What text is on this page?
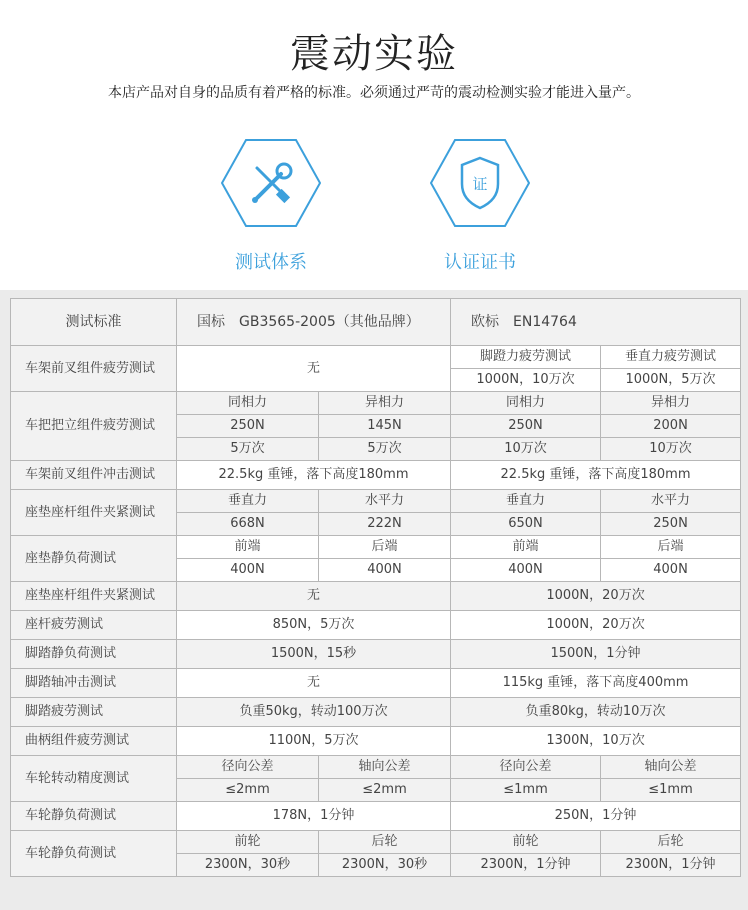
震动实验
本店产品对自身的品质有着严格的标准。必须通过严苛的震动检测实验才能进入量产。
测试体系
证
认证证书
测试标准	国标　GB3565-2005（其他品牌）		欧标　EN14764	
车架前叉组件疲劳测试	无		脚蹬力疲劳测试	垂直力疲劳测试
			1000N，10万次	1000N，5万次
车把把立组件疲劳测试	同相力	异相力	同相力	异相力
	250N	145N	250N	200N
	5万次	5万次	10万次	10万次
车架前叉组件冲击测试	22.5kg 重锤，落下高度180mm		22.5kg 重锤，落下高度180mm	
座垫座杆组件夹紧测试	垂直力	水平力	垂直力	水平力
	668N	222N	650N	250N
座垫静负荷测试	前端	后端	前端	后端
	400N	400N	400N	400N
座垫座杆组件夹紧测试	无		1000N，20万次	
座杆疲劳测试	850N，5万次		1000N，20万次	
脚踏静负荷测试	1500N，15秒		1500N，1分钟	
脚踏轴冲击测试	无		115kg 重锤，落下高度400mm	
脚踏疲劳测试	负重50kg，转动100万次		负重80kg，转动10万次	
曲柄组件疲劳测试	1100N，5万次		1300N，10万次	
车轮转动精度测试	径向公差	轴向公差	径向公差	轴向公差
	≤2mm	≤2mm	≤1mm	≤1mm
车轮静负荷测试	178N，1分钟		250N，1分钟	
车轮静负荷测试	前轮	后轮	前轮	后轮
	2300N，30秒	2300N，30秒	2300N，1分钟	2300N，1分钟
